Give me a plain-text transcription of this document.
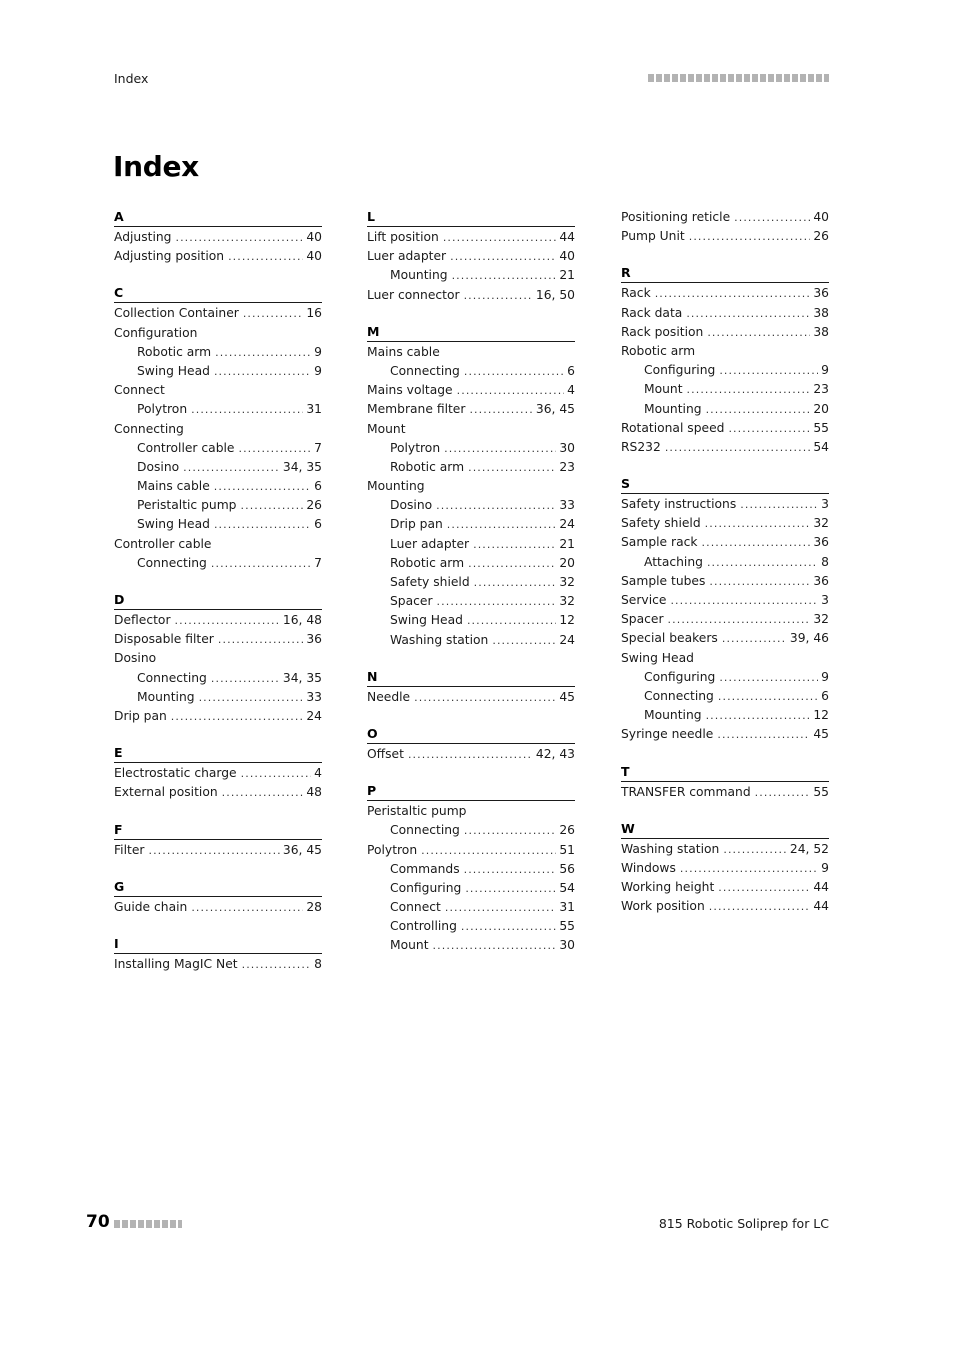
Index
Index
A
Adjusting .....	40
Adjusting position .....	40
C
Collection Container .....	16
Configuration
Robotic arm .....	9
Swing Head .....	9
Connect
Polytron .....	31
Connecting
Controller cable .....	7
Dosino .....	34, 35
Mains cable .....	6
Peristaltic pump .....	26
Swing Head .....	6
Controller cable
Connecting .....	7
D
Deflector .....	16, 48
Disposable filter .....	36
Dosino
Connecting .....	34, 35
Mounting .....	33
Drip pan .....	24
E
Electrostatic charge .....	4
External position .....	48
F
Filter .....	36, 45
G
Guide chain .....	28
I
Installing MagIC Net .....	8
L
Lift position .....	44
Luer adapter .....	40
Mounting .....	21
Luer connector .....	16, 50
M
Mains cable
Connecting .....	6
Mains voltage .....	4
Membrane filter .....	36, 45
Mount
Polytron .....	30
Robotic arm .....	23
Mounting
Dosino .....	33
Drip pan .....	24
Luer adapter .....	21
Robotic arm .....	20
Safety shield .....	32
Spacer .....	32
Swing Head .....	12
Washing station .....	24
N
Needle .....	45
O
Offset .....	42, 43
P
Peristaltic pump
Connecting .....	26
Polytron .....	51
Commands .....	56
Configuring .....	54
Connect .....	31
Controlling .....	55
Mount .....	30
Positioning reticle .....	40
Pump Unit .....	26
R
Rack .....	36
Rack data .....	38
Rack position .....	38
Robotic arm
Configuring .....	9
Mount .....	23
Mounting .....	20
Rotational speed .....	55
RS232 .....	54
S
Safety instructions .....	3
Safety shield .....	32
Sample rack .....	36
Attaching .....	8
Sample tubes .....	36
Service .....	3
Spacer .....	32
Special beakers .....	39, 46
Swing Head
Configuring .....	9
Connecting .....	6
Mounting .....	12
Syringe needle .....	45
T
TRANSFER command .....	55
W
Washing station .....	24, 52
Windows .....	9
Working height .....	44
Work position .....	44
70	815 Robotic Soliprep for LC
